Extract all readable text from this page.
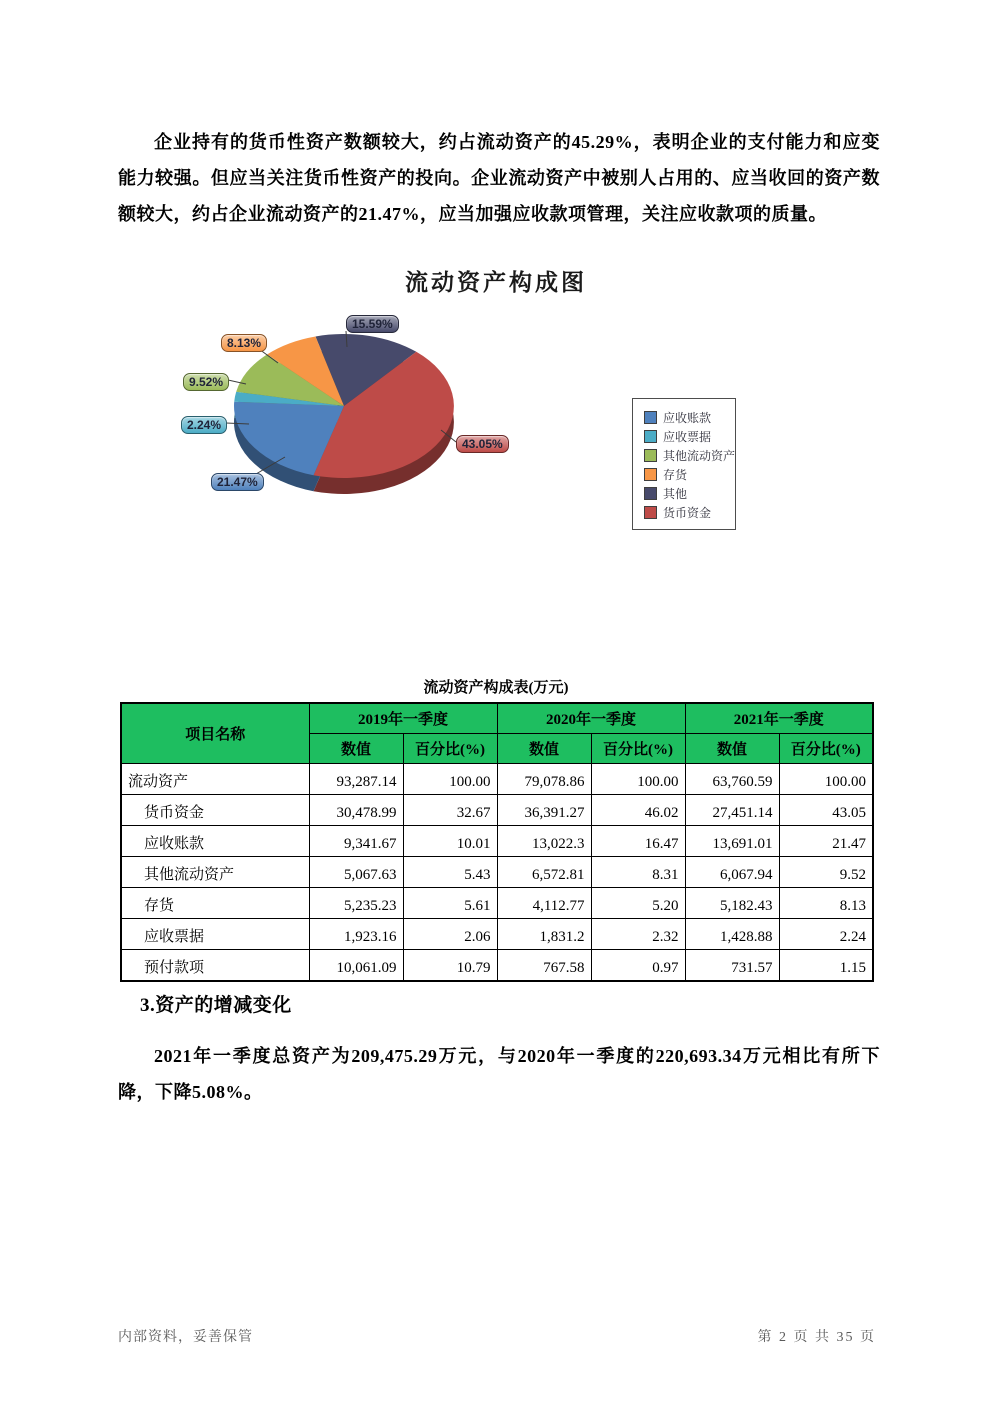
企业持有的货币性资产数额较大，约占流动资产的45.29%，表明企业的支付能力和应变能力较强。但应当关注货币性资产的投向。企业流动资产中被别人占用的、应当收回的资产数额较大，约占企业流动资产的21.47%，应当加强应收款项管理，关注应收款项的质量。
流动资产构成图
15.59%
43.05%
21.47%
2.24%
9.52%
8.13%
应收账款
应收票据
其他流动资产
存货
其他
货币资金
流动资产构成表(万元)
项目名称	2019年一季度		2020年一季度		2021年一季度	
	数值	百分比(%)	数值	百分比(%)	数值	百分比(%)
流动资产	93,287.14	100.00	79,078.86	100.00	63,760.59	100.00
货币资金	30,478.99	32.67	36,391.27	46.02	27,451.14	43.05
应收账款	9,341.67	10.01	13,022.3	16.47	13,691.01	21.47
其他流动资产	5,067.63	5.43	6,572.81	8.31	6,067.94	9.52
存货	5,235.23	5.61	4,112.77	5.20	5,182.43	8.13
应收票据	1,923.16	2.06	1,831.2	2.32	1,428.88	2.24
预付款项	10,061.09	10.79	767.58	0.97	731.57	1.15
3.资产的增减变化
2021年一季度总资产为209,475.29万元，与2020年一季度的220,693.34万元相比有所下降，下降5.08%。
内部资料，妥善保管	第 2 页 共 35 页
